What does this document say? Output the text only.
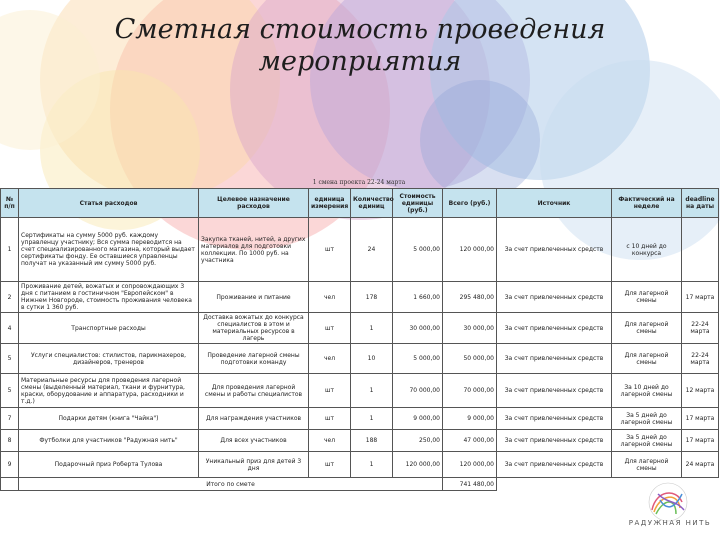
Сметная стоимость проведения
мероприятия
1 смена проекта 22-24 марта
№ п/п	Статья расходов	Целевое назначение расходов	единица измерения	Количество единиц	Стоимость единицы (руб.)	Всего (руб.)	Источник	Фактический на неделе	deadline на даты
1	Сертификаты на сумму 5000 руб. каждому управленцу участнику; Вся сумма переводится на счет специализированного магазина, который выдает сертификаты фонду. Ее оставшиеся управленцы получат на указанный им сумму 5000 руб.	Закупка тканей, нитей, а других материалов для подготовки коллекции. По 1000 руб. на участника	шт	24	5 000,00	120 000,00	За счет привлеченных средств	с 10 дней до конкурса	
2	Проживание детей, вожатых и сопровождающих 3 дня с питанием в гостиничном "Европейском" в Нижнем Новгороде, стоимость проживания человека в сутки 1 360 руб.	Проживание и питание	чел	178	1 660,00	295 480,00	За счет привлеченных средств	Для лагерной смены	17 марта
4	Транспортные расходы	Доставка вожатых до конкурса специалистов в этом и материальных ресурсов в лагерь	шт	1	30 000,00	30 000,00	За счет привлеченных средств	Для лагерной смены	22-24 марта
5	Услуги специалистов: стилистов, парикмахеров, дизайнеров, тренеров	Проведение лагерной смены подготовки команду	чел	10	5 000,00	50 000,00	За счет привлеченных средств	Для лагерной смены	22-24 марта
5	Материальные ресурсы для проведения лагерной смены (выделенный материал, ткани и фурнитура, краски, оборудование и аппаратура, расходники и т.д.)	Для проведения лагерной смены и работы специалистов	шт	1	70 000,00	70 000,00	За счет привлеченных средств	За 10 дней до лагерной смены	12 марта
7	Подарки детям (книга "Чайка")	Для награждения участников	шт	1	9 000,00	9 000,00	За счет привлеченных средств	За 5 дней до лагерной смены	17 марта
8	Футболки для участников "Радужная нить"	Для всех участников	чел	188	250,00	47 000,00	За счет привлеченных средств	За 5 дней до лагерной смены	17 марта
9	Подарочный приз Роберта Тулова	Уникальный приз для детей 3 дня	шт	1	120 000,00	120 000,00	За счет привлеченных средств	Для лагерной смены	24 марта
	Итого по смете					741 480,00			
РАДУЖНАЯ НИТЬ
